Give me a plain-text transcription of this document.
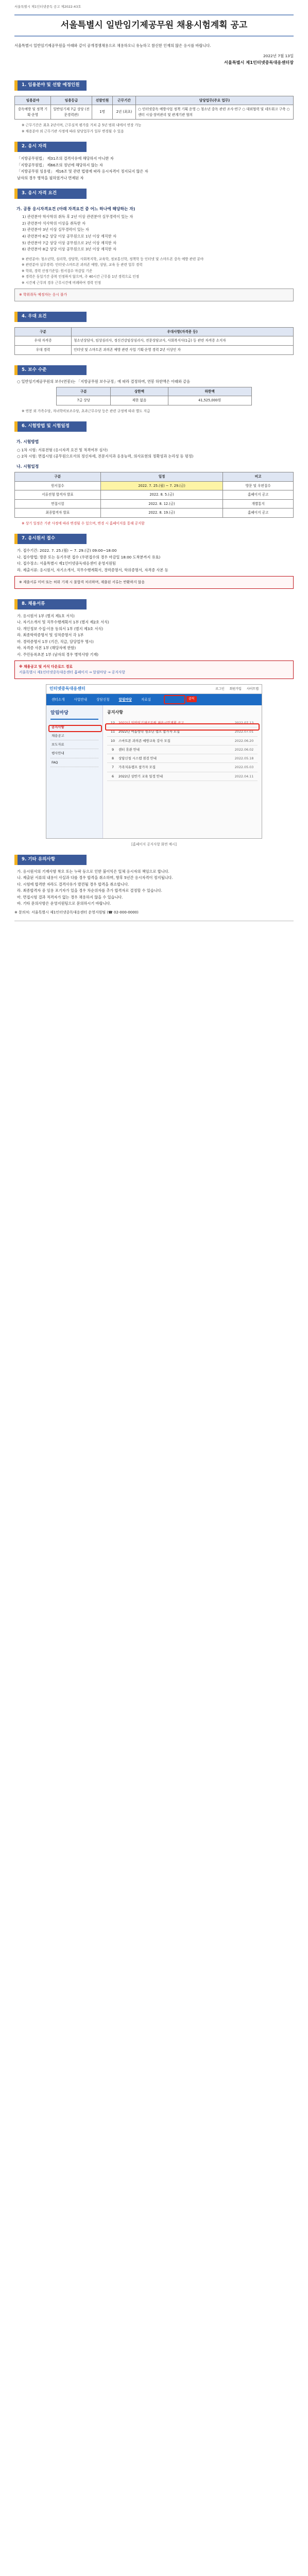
서울특별시 제1인터넷중독 공고 제2022-43호
서울특별시 일반임기제공무원 채용시험계획 공고
서울특별시 일반임기제공무원을 아래와 같이 공개경쟁채용으로 채용하오니 유능하고 참신한 인재의 많은 응시를 바랍니다.
2022년 7월 13일
서울특별시 제1인터넷중독대응센터장
1. 임용분야 및 선발 예정인원
임용분야	임용등급	선발인원	근무기간	담당업무(주요 업무)
중독예방 및 정책 기획·운영	일반임기제 7급 상당 (전문경력관)	1명	2년 (최초)	○ 인터넷중독 예방사업 정책 기획 운영 ○ 청소년 중독 관련 조사·연구 ○ 대외협력 및 네트워크 구축 ○ 센터 시설·장비관리 및 관계기관 협의
※ 근무기간은 최초 2년이며, 근무실적 평가를 거쳐 총 5년 범위 내에서 연장 가능
※ 채용분야 외 근무기관 사정에 따라 담당업무가 일부 변경될 수 있음
2. 응시 자격
「지방공무원법」 제31조의 결격사유에 해당하지 아니한 자
「지방공무원법」 제66조의 정년에 해당하지 않는 자
「지방공무원 임용령」 제16조 및 관련 법령에 따라 응시자격이 정지되지 않은 자
남자의 경우 병역을 필하였거나 면제된 자
3. 응시 자격 요건
가. 공통 응시자격요건 (아래 자격요건 중 어느 하나에 해당하는 자)
1) 관련분야 학사학위 취득 후 2년 이상 관련분야 실무경력이 있는 자
2) 관련분야 석사학위 이상을 취득한 자
3) 관련분야 3년 이상 실무경력이 있는 자
4) 관련분야 6급 상당 이상 공무원으로 1년 이상 재직한 자
5) 관련분야 7급 상당 이상 공무원으로 2년 이상 재직한 자
6) 관련분야 8급 상당 이상 공무원으로 3년 이상 재직한 자
※ 관련분야: 청소년학, 심리학, 상담학, 사회복지학, 교육학, 정보통신학, 정책학 등 인터넷 및 스마트폰 중독 예방 관련 분야
※ 관련분야 실무경력: 인터넷·스마트폰 과의존 예방, 상담, 교육 등 관련 업무 경력
※ 학위, 경력 산정기준일: 원서접수 마감일 기준
※ 경력은 동일기간 중복 인정하지 않으며, 주 40시간 근무를 1년 경력으로 인정
※ 시간제 근무의 경우 근무시간에 비례하여 경력 인정
※ 학위취득 예정자는 응시 불가
4. 우대 요건
구분	우대사항(자격증 등)
우대 자격증	청소년상담사, 임상심리사, 정신건강임상심리사, 전문상담교사, 사회복지사(1급) 등 관련 자격증 소지자
우대 경력	인터넷 및 스마트폰 과의존 예방 관련 사업 기획·운영 경력 2년 이상인 자
5. 보수 수준
○ 일반임기제공무원의 보수(연봉)는 「지방공무원 보수규정」에 따라 결정하며, 연봉 하한액은 아래와 같음
구분	상한액	하한액
7급 상당	제한 없음	41,525,000원
※ 연봉 외 가족수당, 자녀학비보조수당, 초과근무수당 등은 관련 규정에 따라 별도 지급
6. 시험방법 및 시험일정
가. 시험방법
○ 1차 시험: 서류전형 (응시자격 요건 및 적격여부 심사)
○ 2차 시험: 면접시험 (공무원으로서의 정신자세, 전문지식과 응용능력, 의사표현의 정확성과 논리성 등 평정)
나. 시험일정
구분	일정	비고
원서접수	2022. 7. 25.(월) ~ 7. 29.(금)	방문 및 우편접수
서류전형 합격자 발표	2022. 8. 5.(금)	홈페이지 공고
면접시험	2022. 8. 12.(금)	개별통지
최종합격자 발표	2022. 8. 19.(금)	홈페이지 공고
※ 상기 일정은 기관 사정에 따라 변경될 수 있으며, 변경 시 홈페이지를 통해 공지함
7. 응시원서 접수
가. 접수기간: 2022. 7. 25.(월) ~ 7. 29.(금) 09:00~18:00
나. 접수방법: 방문 또는 등기우편 접수 (우편접수의 경우 마감일 18:00 도착분까지 유효)
다. 접수장소: 서울특별시 제1인터넷중독대응센터 운영지원팀
라. 제출서류: 응시원서, 자기소개서, 직무수행계획서, 경력증명서, 학위증명서, 자격증 사본 등
※ 제출서류 미비 또는 허위 기재 시 불합격 처리하며, 제출된 서류는 반환하지 않음
8. 채용서류
가. 응시원서 1부 (별지 제1호 서식)
나. 자기소개서 및 직무수행계획서 1부 (별지 제2호 서식)
다. 개인정보 수집·이용 동의서 1부 (별지 제3호 서식)
라. 최종학력증명서 및 성적증명서 각 1부
마. 경력증명서 1부 (기간, 직급, 담당업무 명시)
바. 자격증 사본 1부 (해당자에 한함)
사. 주민등록초본 1부 (남자의 경우 병역사항 기재)
※ 채용공고 및 서식 다운로드 경로
서울특별시 제1인터넷중독대응센터 홈페이지 → 알림마당 → 공지사항
인터넷중독대응센터	로그인 회원가입 사이트맵
센터소개	사업안내	상담신청	알림마당	자료실
알림마당
공지사항
채용공고
보도자료
행사안내
FAQ
공지사항
12	2022년 일반임기제공무원 채용시험계획 공고	2022.07.13
11	2022년 여름방학 청소년 캠프 참가자 모집	2022.07.01
10	스마트폰 과의존 예방교육 강사 모집	2022.06.20
9	센터 휴관 안내	2022.06.02
8	상담신청 시스템 점검 안내	2022.05.18
7	가족치유캠프 참가자 모집	2022.05.03
6	2022년 상반기 교육 일정 안내	2022.04.11
클릭
[홈페이지 공지사항 화면 예시]
9. 기타 유의사항
가. 응시원서의 기재사항 착오 또는 누락 등으로 인한 불이익은 일체 응시자의 책임으로 합니다.
나. 제출된 서류의 내용이 사실과 다를 경우 합격을 취소하며, 향후 5년간 응시자격이 정지됩니다.
다. 시험에 합격한 자라도 결격사유가 발견될 경우 합격을 취소합니다.
라. 최종합격자 중 임용 포기자가 있을 경우 차순위자를 추가 합격자로 결정할 수 있습니다.
마. 면접시험 결과 적격자가 없는 경우 채용하지 않을 수 있습니다.
바. 기타 문의사항은 운영지원팀으로 문의하시기 바랍니다.
※ 문의처: 서울특별시 제1인터넷중독대응센터 운영지원팀 (☎ 02-000-0000)
